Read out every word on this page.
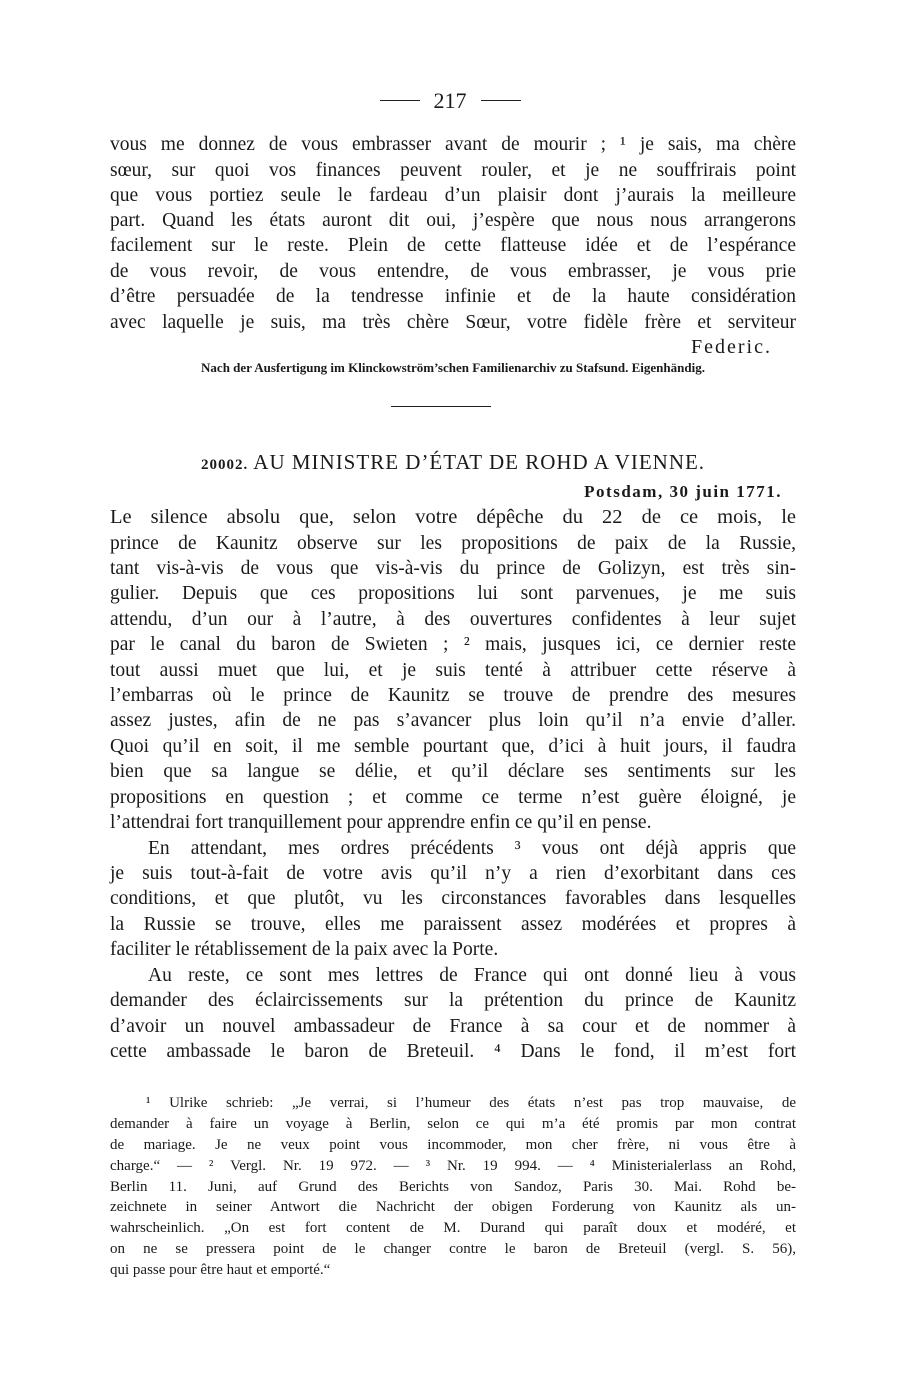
217
vous me donnez de vous embrasser avant de mourir ; ¹ je sais, ma chère
sœur, sur quoi vos finances peuvent rouler, et je ne souffrirais point
que vous portiez seule le fardeau d’un plaisir dont j’aurais la meilleure
part. Quand les états auront dit oui, j’espère que nous nous arrangerons
facilement sur le reste. Plein de cette flatteuse idée et de l’espérance
de vous revoir, de vous entendre, de vous embrasser, je vous prie
d’être persuadée de la tendresse infinie et de la haute considération
avec laquelle je suis, ma très chère Sœur, votre fidèle frère et serviteur
Federic.
Nach der Ausfertigung im Klinckowström’schen Familienarchiv zu Stafsund. Eigenhändig.
20002. AU MINISTRE D’ÉTAT DE ROHD A VIENNE.
Potsdam, 30 juin 1771.
Le silence absolu que, selon votre dépêche du 22 de ce mois, le
prince de Kaunitz observe sur les propositions de paix de la Russie,
tant vis-à-vis de vous que vis-à-vis du prince de Golizyn, est très sin-
gulier. Depuis que ces propositions lui sont parvenues, je me suis
attendu, d’un our à l’autre, à des ouvertures confidentes à leur sujet
par le canal du baron de Swieten ; ² mais, jusques ici, ce dernier reste
tout aussi muet que lui, et je suis tenté à attribuer cette réserve à
l’embarras où le prince de Kaunitz se trouve de prendre des mesures
assez justes, afin de ne pas s’avancer plus loin qu’il n’a envie d’aller.
Quoi qu’il en soit, il me semble pourtant que, d’ici à huit jours, il faudra
bien que sa langue se délie, et qu’il déclare ses sentiments sur les
propositions en question ; et comme ce terme n’est guère éloigné, je
l’attendrai fort tranquillement pour apprendre enfin ce qu’il en pense.
En attendant, mes ordres précédents ³ vous ont déjà appris que
je suis tout-à-fait de votre avis qu’il n’y a rien d’exorbitant dans ces
conditions, et que plutôt, vu les circonstances favorables dans lesquelles
la Russie se trouve, elles me paraissent assez modérées et propres à
faciliter le rétablissement de la paix avec la Porte.
Au reste, ce sont mes lettres de France qui ont donné lieu à vous
demander des éclaircissements sur la prétention du prince de Kaunitz
d’avoir un nouvel ambassadeur de France à sa cour et de nommer à
cette ambassade le baron de Breteuil. ⁴ Dans le fond, il m’est fort
¹ Ulrike schrieb: „Je verrai, si l’humeur des états n’est pas trop mauvaise, de
demander à faire un voyage à Berlin, selon ce qui m’a été promis par mon contrat
de mariage. Je ne veux point vous incommoder, mon cher frère, ni vous être à
charge.“ — ² Vergl. Nr. 19 972. — ³ Nr. 19 994. — ⁴ Ministerialerlass an Rohd,
Berlin 11. Juni, auf Grund des Berichts von Sandoz, Paris 30. Mai. Rohd be-
zeichnete in seiner Antwort die Nachricht der obigen Forderung von Kaunitz als un-
wahrscheinlich. „On est fort content de M. Durand qui paraît doux et modéré, et
on ne se pressera point de le changer contre le baron de Breteuil (vergl. S. 56),
qui passe pour être haut et emporté.“
